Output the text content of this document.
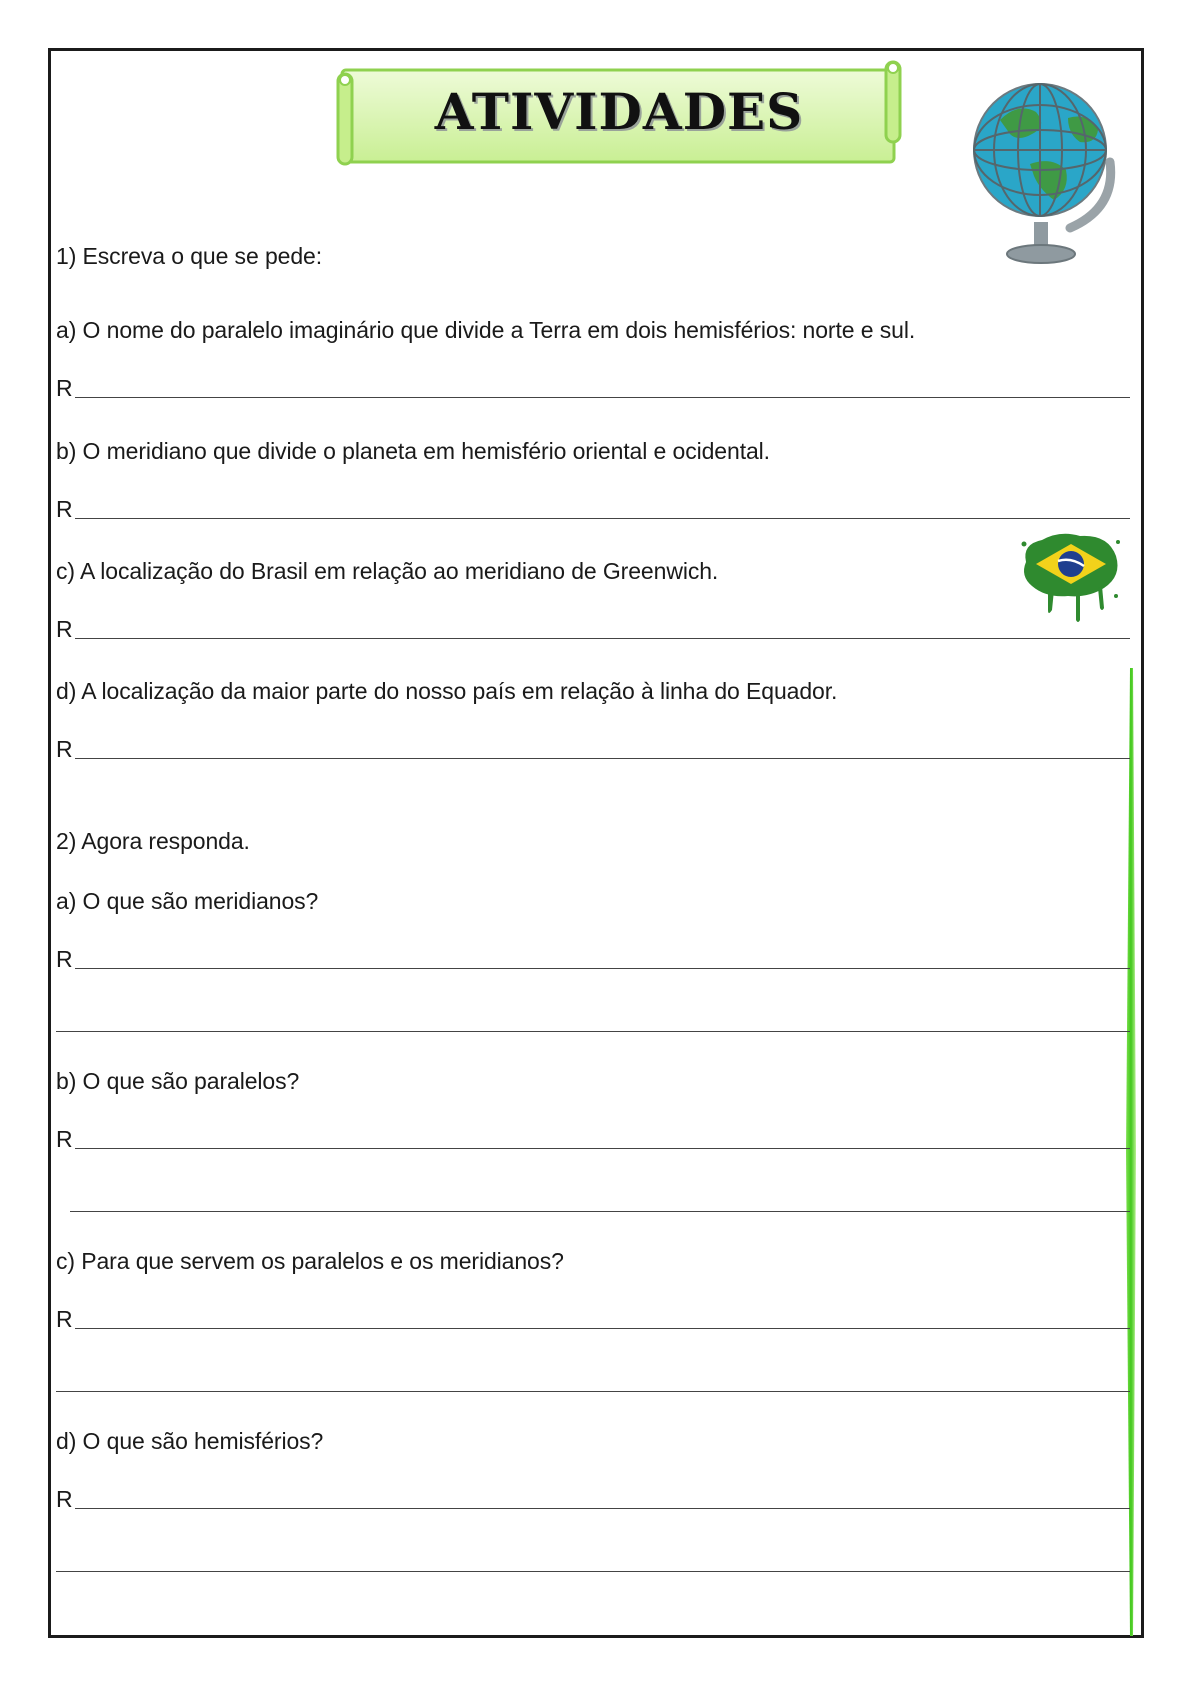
ATIVIDADES
1) Escreva o que se pede:
a) O nome do paralelo imaginário que divide a Terra em dois hemisférios: norte e sul.
R
b) O meridiano que divide o planeta em hemisfério oriental e ocidental.
R
c) A localização do Brasil em relação ao meridiano de Greenwich.
R
d) A localização da maior parte do nosso país em relação à linha do Equador.
R
2) Agora responda.
a) O que são meridianos?
R
b) O que são paralelos?
R
c) Para que servem os paralelos e os meridianos?
R
d) O que são hemisférios?
R
